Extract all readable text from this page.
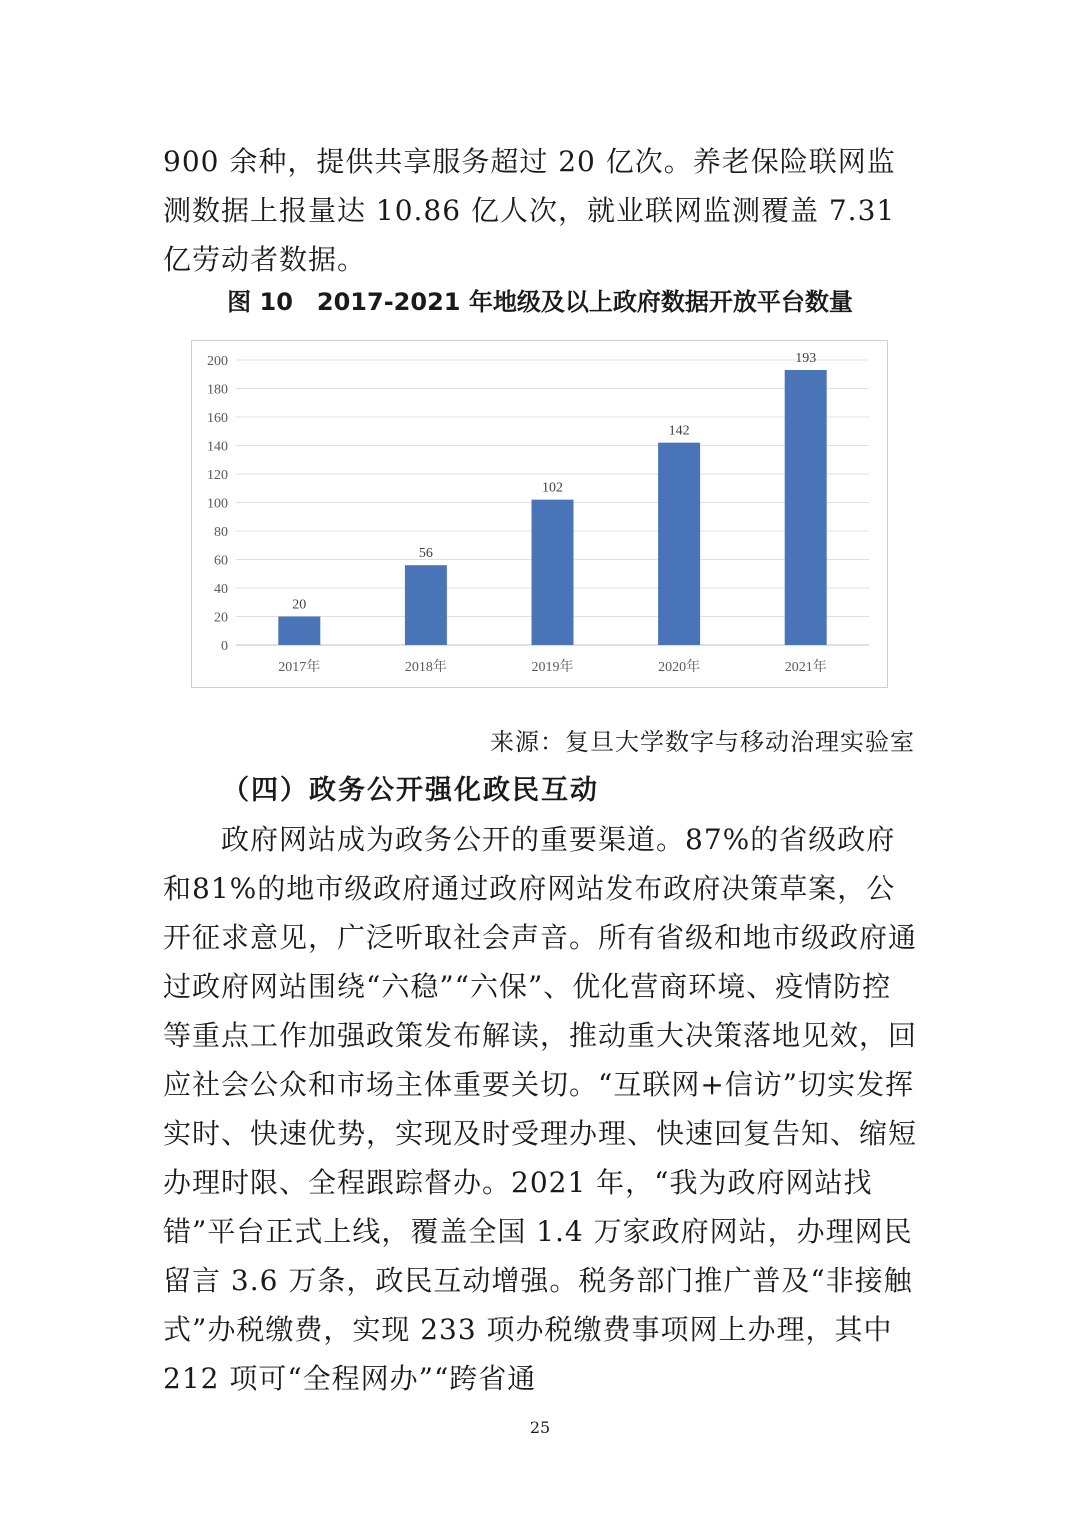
900 余种，提供共享服务超过 20 亿次。养老保险联网监测数据上报量达 10.86 亿人次，就业联网监测覆盖 7.31 亿劳动者数据。

图 10　2017-2021 年地级及以上政府数据开放平台数量
0
20
40
60
80
100
120
140
160
180
200
20
2017年
56
2018年
102
2019年
142
2020年
193
2021年
来源：复旦大学数字与移动治理实验室
（四）政务公开强化政民互动

政府网站成为政务公开的重要渠道。87%的省级政府和81%的地市级政府通过政府网站发布政府决策草案，公开征求意见，广泛听取社会声音。所有省级和地市级政府通过政府网站围绕“六稳”“六保”、优化营商环境、疫情防控等重点工作加强政策发布解读，推动重大决策落地见效，回应社会公众和市场主体重要关切。“互联网+信访”切实发挥实时、快速优势，实现及时受理办理、快速回复告知、缩短办理时限、全程跟踪督办。2021 年，“我为政府网站找错”平台正式上线，覆盖全国 1.4 万家政府网站，办理网民留言 3.6 万条，政民互动增强。税务部门推广普及“非接触式”办税缴费，实现 233 项办税缴费事项网上办理，其中 212 项可“全程网办”“跨省通

25
